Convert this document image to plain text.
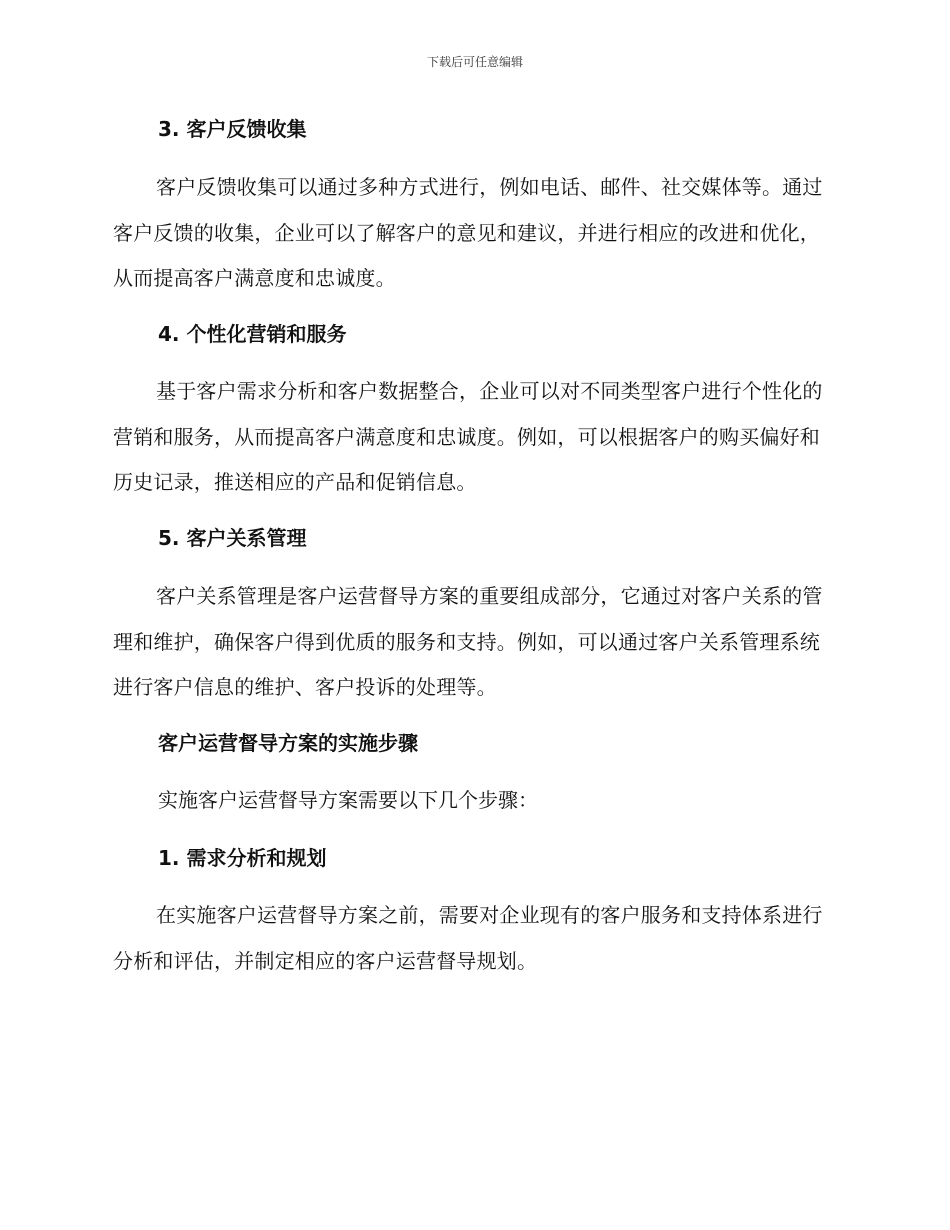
下载后可任意编辑
3. 客户反馈收集
客户反馈收集可以通过多种方式进行，例如电话、邮件、社交媒体等。通过客户反馈的收集，企业可以了解客户的意见和建议，并进行相应的改进和优化，从而提高客户满意度和忠诚度。
4. 个性化营销和服务
基于客户需求分析和客户数据整合，企业可以对不同类型客户进行个性化的营销和服务，从而提高客户满意度和忠诚度。例如，可以根据客户的购买偏好和历史记录，推送相应的产品和促销信息。
5. 客户关系管理
客户关系管理是客户运营督导方案的重要组成部分，它通过对客户关系的管理和维护，确保客户得到优质的服务和支持。例如，可以通过客户关系管理系统进行客户信息的维护、客户投诉的处理等。
客户运营督导方案的实施步骤
实施客户运营督导方案需要以下几个步骤：
1. 需求分析和规划
在实施客户运营督导方案之前，需要对企业现有的客户服务和支持体系进行分析和评估，并制定相应的客户运营督导规划。
